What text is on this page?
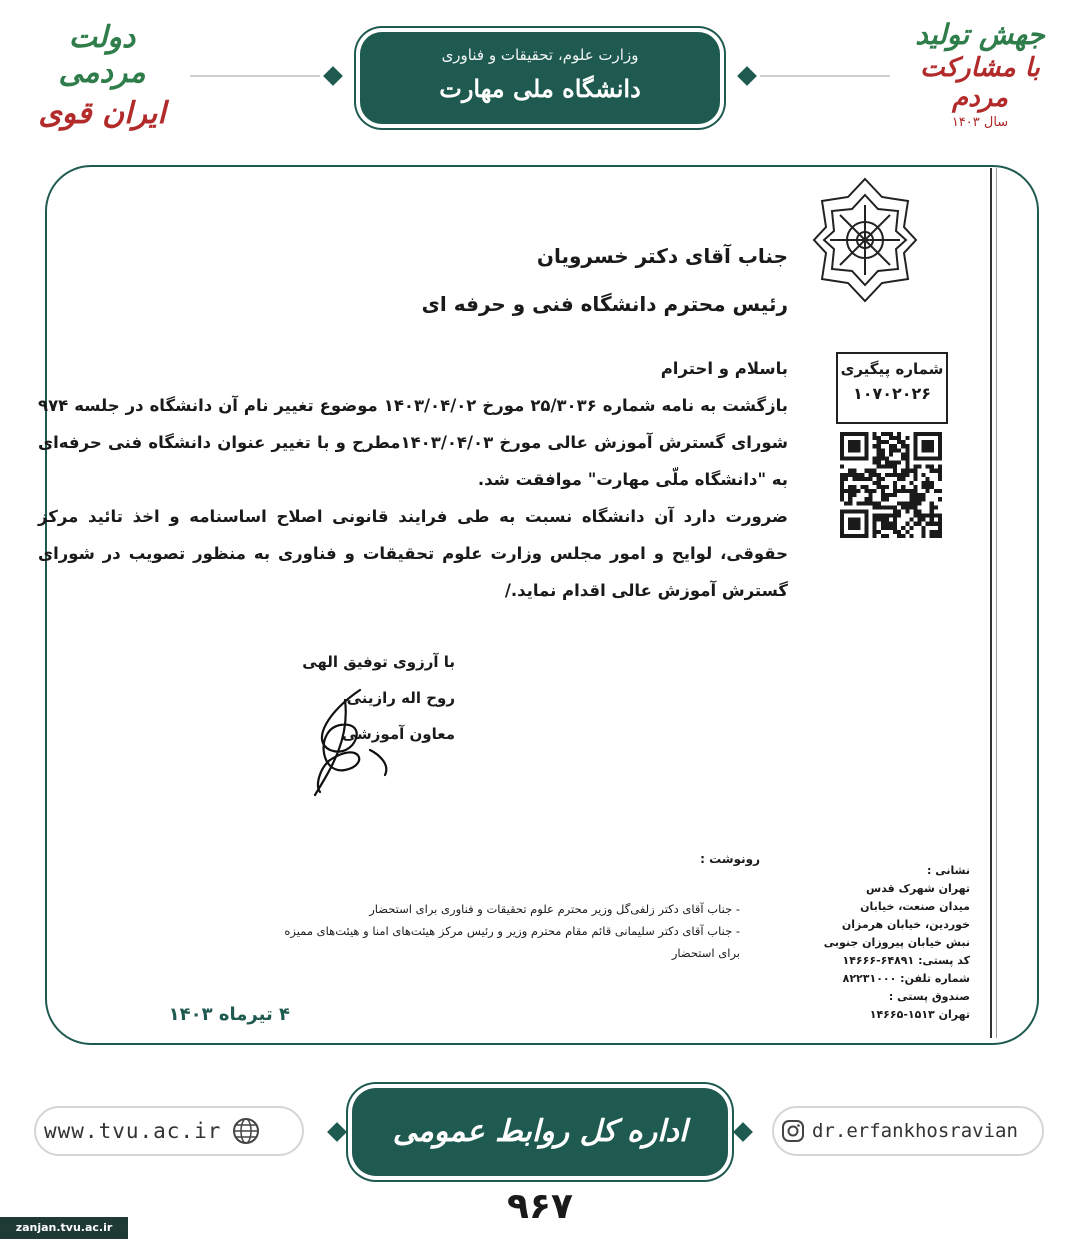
وزارت علوم، تحقیقات و فناوری
دانشگاه ملی مهارت
دولت مردمی
ایران قوی
جهش تولید
با مشارکت مردم
سال ۱۴۰۳
جناب آقای دکتر خسرویان
رئیس محترم دانشگاه فنی و حرفه ای
باسلام و احترام
بازگشت به نامه شماره ۲۵/۳۰۳۶ مورخ ۱۴۰۳/۰۴/۰۲ موضوع تغییر نام آن دانشگاه در جلسه ۹۷۴ شورای گسترش آموزش عالی مورخ ۱۴۰۳/۰۴/۰۳مطرح و با تغییر عنوان دانشگاه فنی حرفه‌ای به "دانشگاه ملّی مهارت" موافقت شد.
ضرورت دارد آن دانشگاه نسبت به طی فرایند قانونی اصلاح اساسنامه و اخذ تائید مرکز حقوقی، لوایح و امور مجلس وزارت علوم تحقیقات و فناوری به منظور تصویب در شورای گسترش آموزش عالی اقدام نماید./
با آرزوی توفیق الهی
روح اله رازینی
معاون آموزشی
شماره پیگیری
۱۰۷۰۲۰۲۶
رونوشت :
- جناب آقای دکتر زلفی‌گل وزیر محترم علوم تحقیقات و فناوری برای استحضار
- جناب آقای دکتر سلیمانی قائم مقام محترم وزیر و رئیس مرکز هیئت‌های امنا و هیئت‌های ممیزه برای استحضار
نشانی :
تهران شهرک قدس
میدان صنعت، خیابان
خوردین، خیابان هرمزان
نبش خیابان پیروزان جنوبی
کد پستی: ۶۴۸۹۱-۱۴۶۶۶
شماره تلفن: ۸۲۲۳۱۰۰۰
صندوق پستی :
تهران ۱۵۱۳-۱۴۶۶۵
۴ تیرماه ۱۴۰۳
www.tvu.ac.ir	اداره کل روابط عمومی	dr.erfankhosravian
۹۶۷
zanjan.tvu.ac.ir
